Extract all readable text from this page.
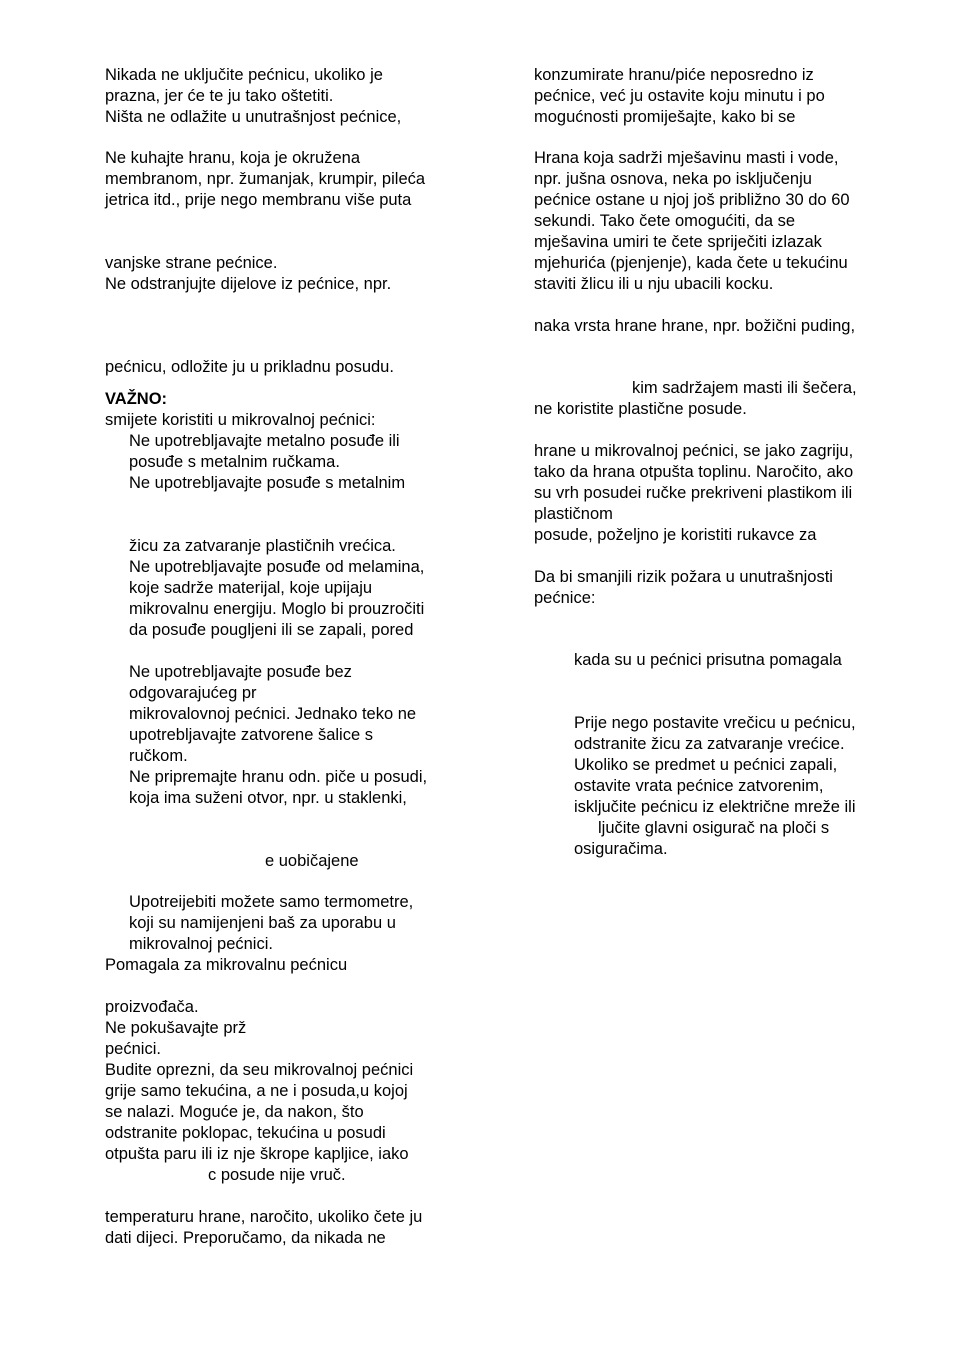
Nikada ne uključite pećnicu, ukoliko je
prazna, jer će te ju tako oštetiti.
Ništa ne odlažite u unutrašnjost pećnice,
Ne kuhajte hranu, koja je okružena
membranom, npr. žumanjak, krumpir, pileća
jetrica itd., prije nego membranu više puta
vanjske strane pećnice.
Ne odstranjujte dijelove iz pećnice, npr.
pećnicu, odložite ju u prikladnu posudu.
VAŽNO:
smijete koristiti u mikrovalnoj pećnici:
Ne upotrebljavajte metalno posuđe ili
posuđe s metalnim ručkama.
Ne upotrebljavajte posuđe s metalnim
žicu za zatvaranje plastičnih vrećica.
Ne upotrebljavajte posuđe od melamina,
koje sadrže materijal, koje upijaju
mikrovalnu energiju. Moglo bi prouzročiti
da posuđe pougljeni ili se zapali, pored
Ne upotrebljavajte posuđe bez
odgovarajućeg pr
mikrovalovnoj pećnici. Jednako teko ne
upotrebljavajte zatvorene šalice s
ručkom.
Ne pripremajte hranu odn. piče u posudi,
koja ima suženi otvor, npr. u staklenki,
e uobičajene
Upotreijebiti možete samo termometre,
koji su namijenjeni baš za uporabu u
mikrovalnoj pećnici.
Pomagala za mikrovalnu pećnicu
proizvođača.
Ne pokušavajte prž
pećnici.
Budite oprezni, da seu mikrovalnoj pećnici
grije samo tekućina, a ne i posuda,u kojoj
se nalazi. Moguće je, da nakon, što
odstranite poklopac, tekućina u posudi
otpušta paru ili iz nje škrope kapljice, iako
c posude nije vruč.
temperaturu hrane, naročito, ukoliko čete ju
dati dijeci. Preporučamo, da nikada ne
konzumirate hranu/piće neposredno iz
pećnice, već ju ostavite koju minutu i po
mogućnosti promiješajte, kako bi se
Hrana koja sadrži mješavinu masti i vode,
npr. jušna osnova, neka po isključenju
pećnice ostane u njoj još približno 30 do 60
sekundi. Tako čete omogućiti, da se
mješavina umiri te čete spriječiti izlazak
mjehurića (pjenjenje), kada čete u tekućinu
staviti žlicu ili u nju ubacili kocku.
naka vrsta hrane hrane, npr. božični puding,
kim sadržajem masti ili šečera,
ne koristite plastične posude.
hrane u mikrovalnoj pećnici, se jako zagriju,
tako da hrana otpušta toplinu. Naročito, ako
su vrh posudei ručke prekriveni plastikom ili
plastičnom
posude, poželjno je koristiti rukavce za
Da bi smanjili rizik požara u unutrašnjosti
pećnice:
kada su u pećnici prisutna pomagala
Prije nego postavite vrečicu u pećnicu,
odstranite žicu za zatvaranje vrećice.
Ukoliko se predmet u pećnici zapali,
ostavite vrata pećnice zatvorenim,
isključite pećnicu iz električne mreže ili
ljučite glavni osigurač na ploči s
osiguračima.
